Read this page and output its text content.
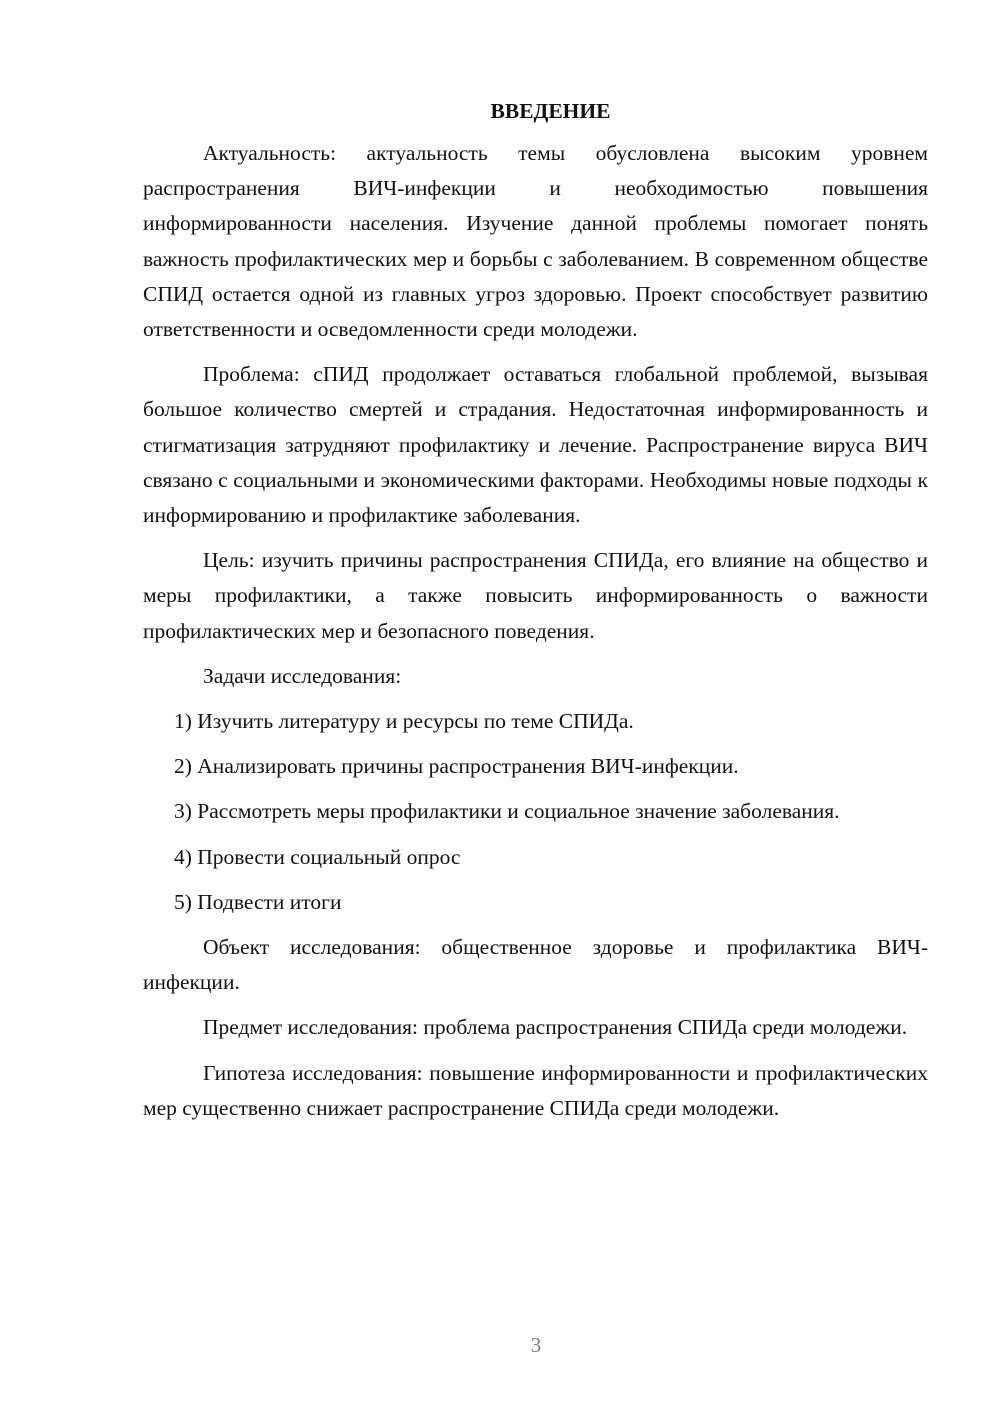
ВВЕДЕНИЕ

Актуальность: актуальность темы обусловлена высоким уровнем распространения ВИЧ-инфекции и необходимостью повышения информированности населения. Изучение данной проблемы помогает понять важность профилактических мер и борьбы с заболеванием. В современном обществе СПИД остается одной из главных угроз здоровью. Проект способствует развитию ответственности и осведомленности среди молодежи.

Проблема: сПИД продолжает оставаться глобальной проблемой, вызывая большое количество смертей и страдания. Недостаточная информированность и стигматизация затрудняют профилактику и лечение. Распространение вируса ВИЧ связано с социальными и экономическими факторами. Необходимы новые подходы к информированию и профилактике заболевания.

Цель: изучить причины распространения СПИДа, его влияние на общество и меры профилактики, а также повысить информированность о важности профилактических мер и безопасного поведения.

Задачи исследования:

1) Изучить литературу и ресурсы по теме СПИДа.

2) Анализировать причины распространения ВИЧ-инфекции.

3) Рассмотреть меры профилактики и социальное значение заболевания.

4) Провести социальный опрос

5) Подвести итоги

Объект исследования: общественное здоровье и профилактика ВИЧ-инфекции.

Предмет исследования: проблема распространения СПИДа среди молодежи.

Гипотеза исследования: повышение информированности и профилактических мер существенно снижает распространение СПИДа среди молодежи.

3
